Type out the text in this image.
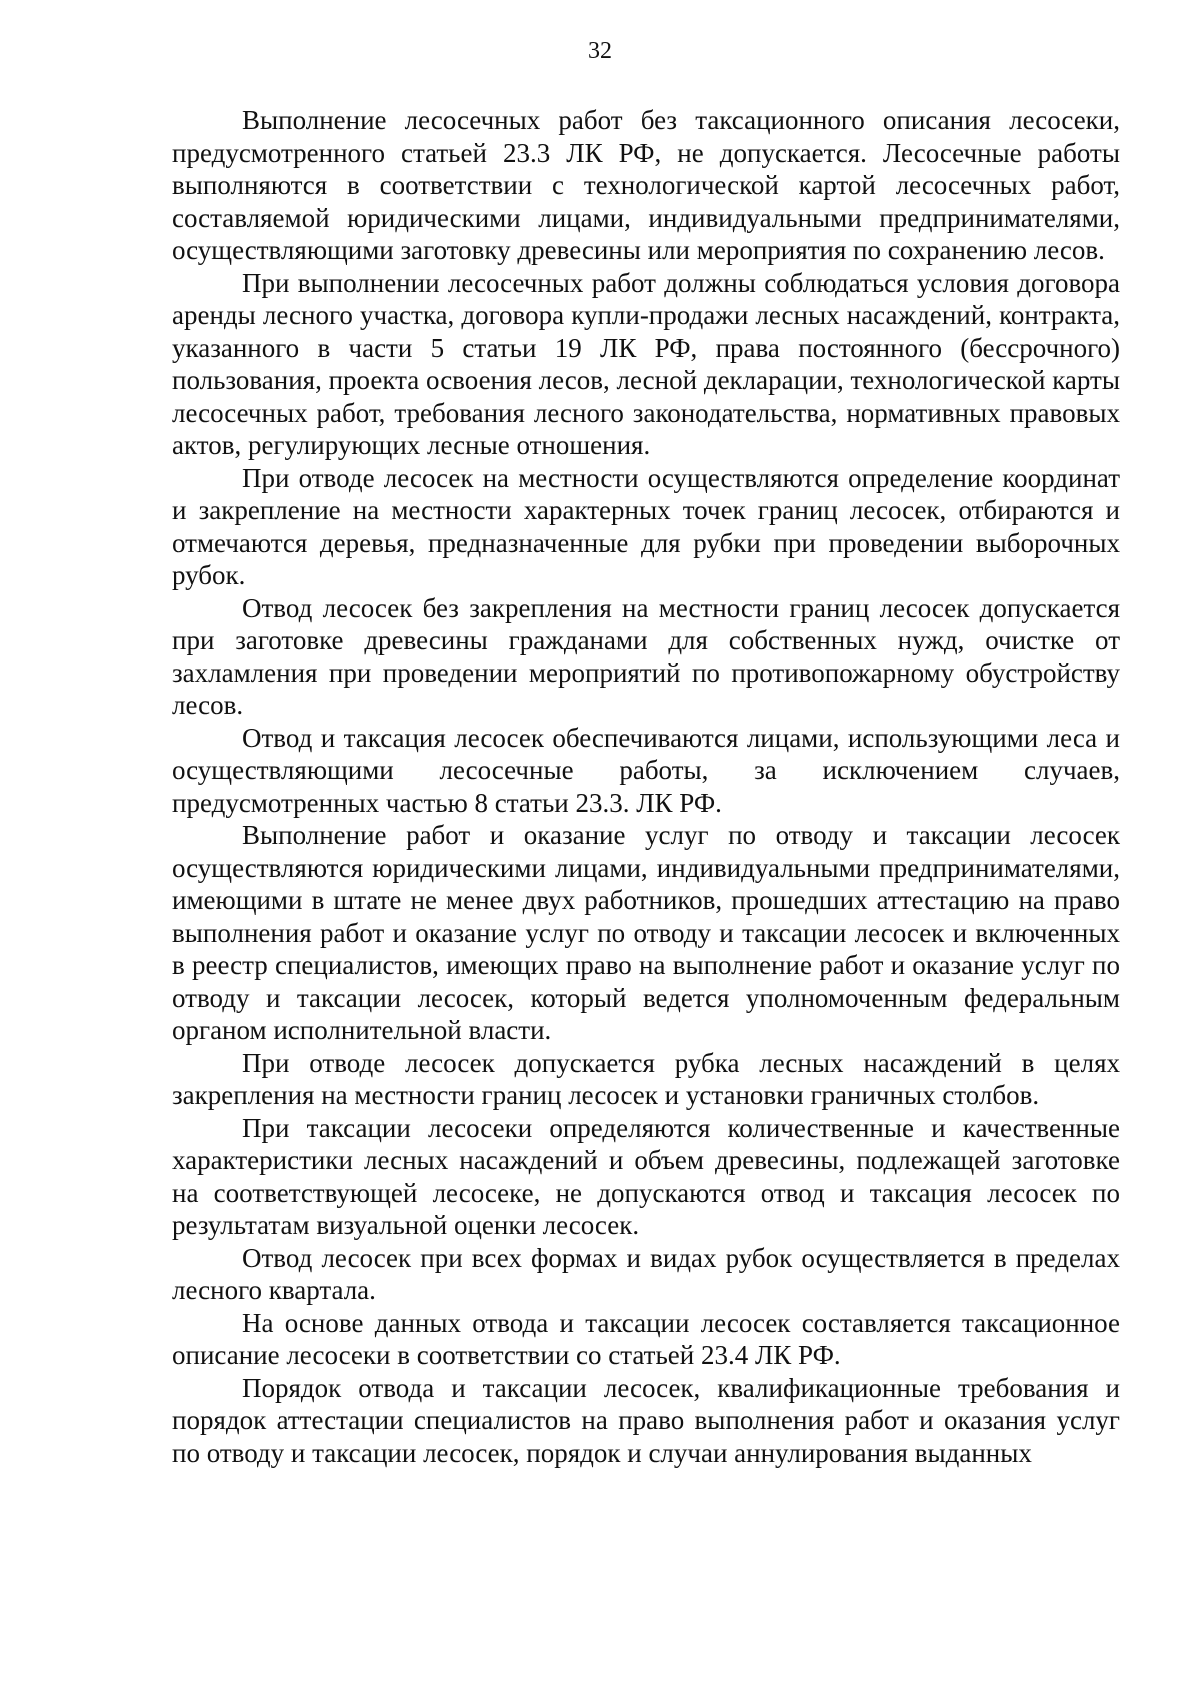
32

Выполнение лесосечных работ без таксационного описания лесосеки, предусмотренного статьей 23.3 ЛК РФ, не допускается. Лесосечные работы выполняются в соответствии с технологической картой лесосечных работ, составляемой юридическими лицами, индивидуальными предпринимателями, осуществляющими заготовку древесины или мероприятия по сохранению лесов.

При выполнении лесосечных работ должны соблюдаться условия договора аренды лесного участка, договора купли-продажи лесных насаждений, контракта, указанного в части 5 статьи 19 ЛК РФ, права постоянного (бессрочного) пользования, проекта освоения лесов, лесной декларации, технологической карты лесосечных работ, требования лесного законодательства, нормативных правовых актов, регулирующих лесные отношения.

При отводе лесосек на местности осуществляются определение координат и закрепление на местности характерных точек границ лесосек, отбираются и отмечаются деревья, предназначенные для рубки при проведении выборочных рубок.

Отвод лесосек без закрепления на местности границ лесосек допускается при заготовке древесины гражданами для собственных нужд, очистке от захламления при проведении мероприятий по противопожарному обустройству лесов.

Отвод и таксация лесосек обеспечиваются лицами, использующими леса и осуществляющими лесосечные работы, за исключением случаев, предусмотренных частью 8 статьи 23.3. ЛК РФ.

Выполнение работ и оказание услуг по отводу и таксации лесосек осуществляются юридическими лицами, индивидуальными предпринимателями, имеющими в штате не менее двух работников, прошедших аттестацию на право выполнения работ и оказание услуг по отводу и таксации лесосек и включенных в реестр специалистов, имеющих право на выполнение работ и оказание услуг по отводу и таксации лесосек, который ведется уполномоченным федеральным органом исполнительной власти.

При отводе лесосек допускается рубка лесных насаждений в целях закрепления на местности границ лесосек и установки граничных столбов.

При таксации лесосеки определяются количественные и качественные характеристики лесных насаждений и объем древесины, подлежащей заготовке на соответствующей лесосеке, не допускаются отвод и таксация лесосек по результатам визуальной оценки лесосек.

Отвод лесосек при всех формах и видах рубок осуществляется в пределах лесного квартала.

На основе данных отвода и таксации лесосек составляется таксационное описание лесосеки в соответствии со статьей 23.4 ЛК РФ.

Порядок отвода и таксации лесосек, квалификационные требования и порядок аттестации специалистов на право выполнения работ и оказания услуг по отводу и таксации лесосек, порядок и случаи аннулирования выданных
